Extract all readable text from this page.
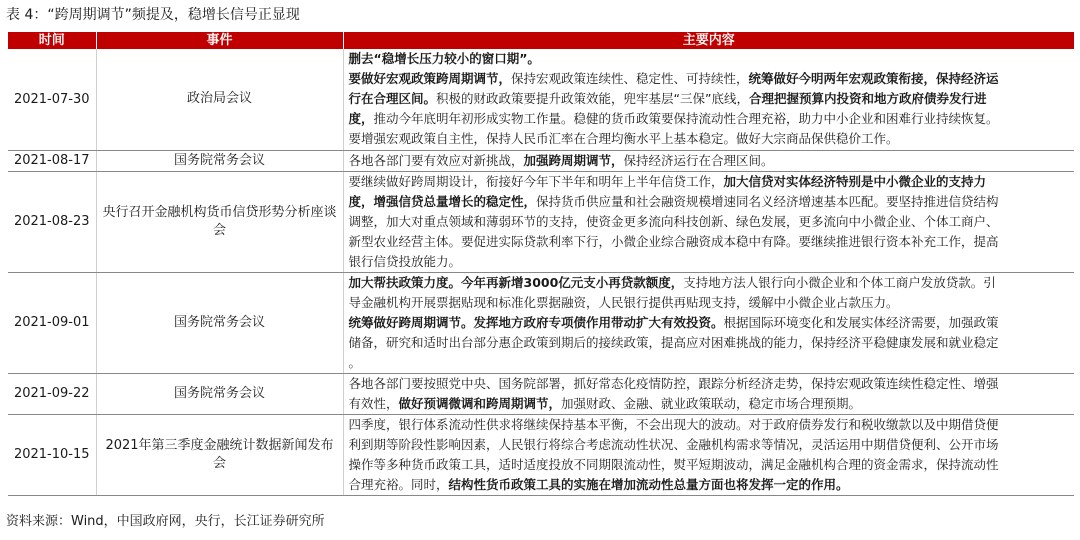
表 4：“跨周期调节”频提及，稳增长信号正显现
时间	事件	主要内容
2021-07-30	政治局会议	删去“稳增长压力较小的窗口期”。
要做好宏观政策跨周期调节，保持宏观政策连续性、稳定性、可持续性，统筹做好今明两年宏观政策衔接，保持经济运
行在合理区间。积极的财政政策要提升政策效能，兜牢基层“三保”底线，合理把握预算内投资和地方政府债券发行进
度，推动今年底明年初形成实物工作量。稳健的货币政策要保持流动性合理充裕，助力中小企业和困难行业持续恢复。
要增强宏观政策自主性，保持人民币汇率在合理均衡水平上基本稳定。做好大宗商品保供稳价工作。

2021-08-17	国务院常务会议	各地各部门要有效应对新挑战，加强跨周期调节，保持经济运行在合理区间。

2021-08-23	央行召开金融机构货币信贷形势分析座谈会	要继续做好跨周期设计，衔接好今年下半年和明年上半年信贷工作，加大信贷对实体经济特别是中小微企业的支持力
度，增强信贷总量增长的稳定性，保持货币供应量和社会融资规模增速同名义经济增速基本匹配。要坚持推进信贷结构
调整，加大对重点领域和薄弱环节的支持，使资金更多流向科技创新、绿色发展，更多流向中小微企业、个体工商户、
新型农业经营主体。要促进实际贷款利率下行，小微企业综合融资成本稳中有降。要继续推进银行资本补充工作，提高
银行信贷投放能力。

2021-09-01	国务院常务会议	加大帮扶政策力度。今年再新增3000亿元支小再贷款额度，支持地方法人银行向小微企业和个体工商户发放贷款。引
导金融机构开展票据贴现和标准化票据融资，人民银行提供再贴现支持，缓解中小微企业占款压力。
统筹做好跨周期调节。发挥地方政府专项债作用带动扩大有效投资。根据国际环境变化和发展实体经济需要，加强政策
储备，研究和适时出台部分惠企政策到期后的接续政策，提高应对困难挑战的能力，保持经济平稳健康发展和就业稳定
。

2021-09-22	国务院常务会议	各地各部门要按照党中央、国务院部署，抓好常态化疫情防控，跟踪分析经济走势，保持宏观政策连续性稳定性、增强
有效性，做好预调微调和跨周期调节，加强财政、金融、就业政策联动，稳定市场合理预期。

2021-10-15	2021年第三季度金融统计数据新闻发布会	四季度，银行体系流动性供求将继续保持基本平衡，不会出现大的波动。对于政府债券发行和税收缴款以及中期借贷便
利到期等阶段性影响因素，人民银行将综合考虑流动性状况、金融机构需求等情况，灵活运用中期借贷便利、公开市场
操作等多种货币政策工具，适时适度投放不同期限流动性，熨平短期波动，满足金融机构合理的资金需求，保持流动性
合理充裕。同时，结构性货币政策工具的实施在增加流动性总量方面也将发挥一定的作用。
资料来源：Wind，中国政府网，央行，长江证券研究所
